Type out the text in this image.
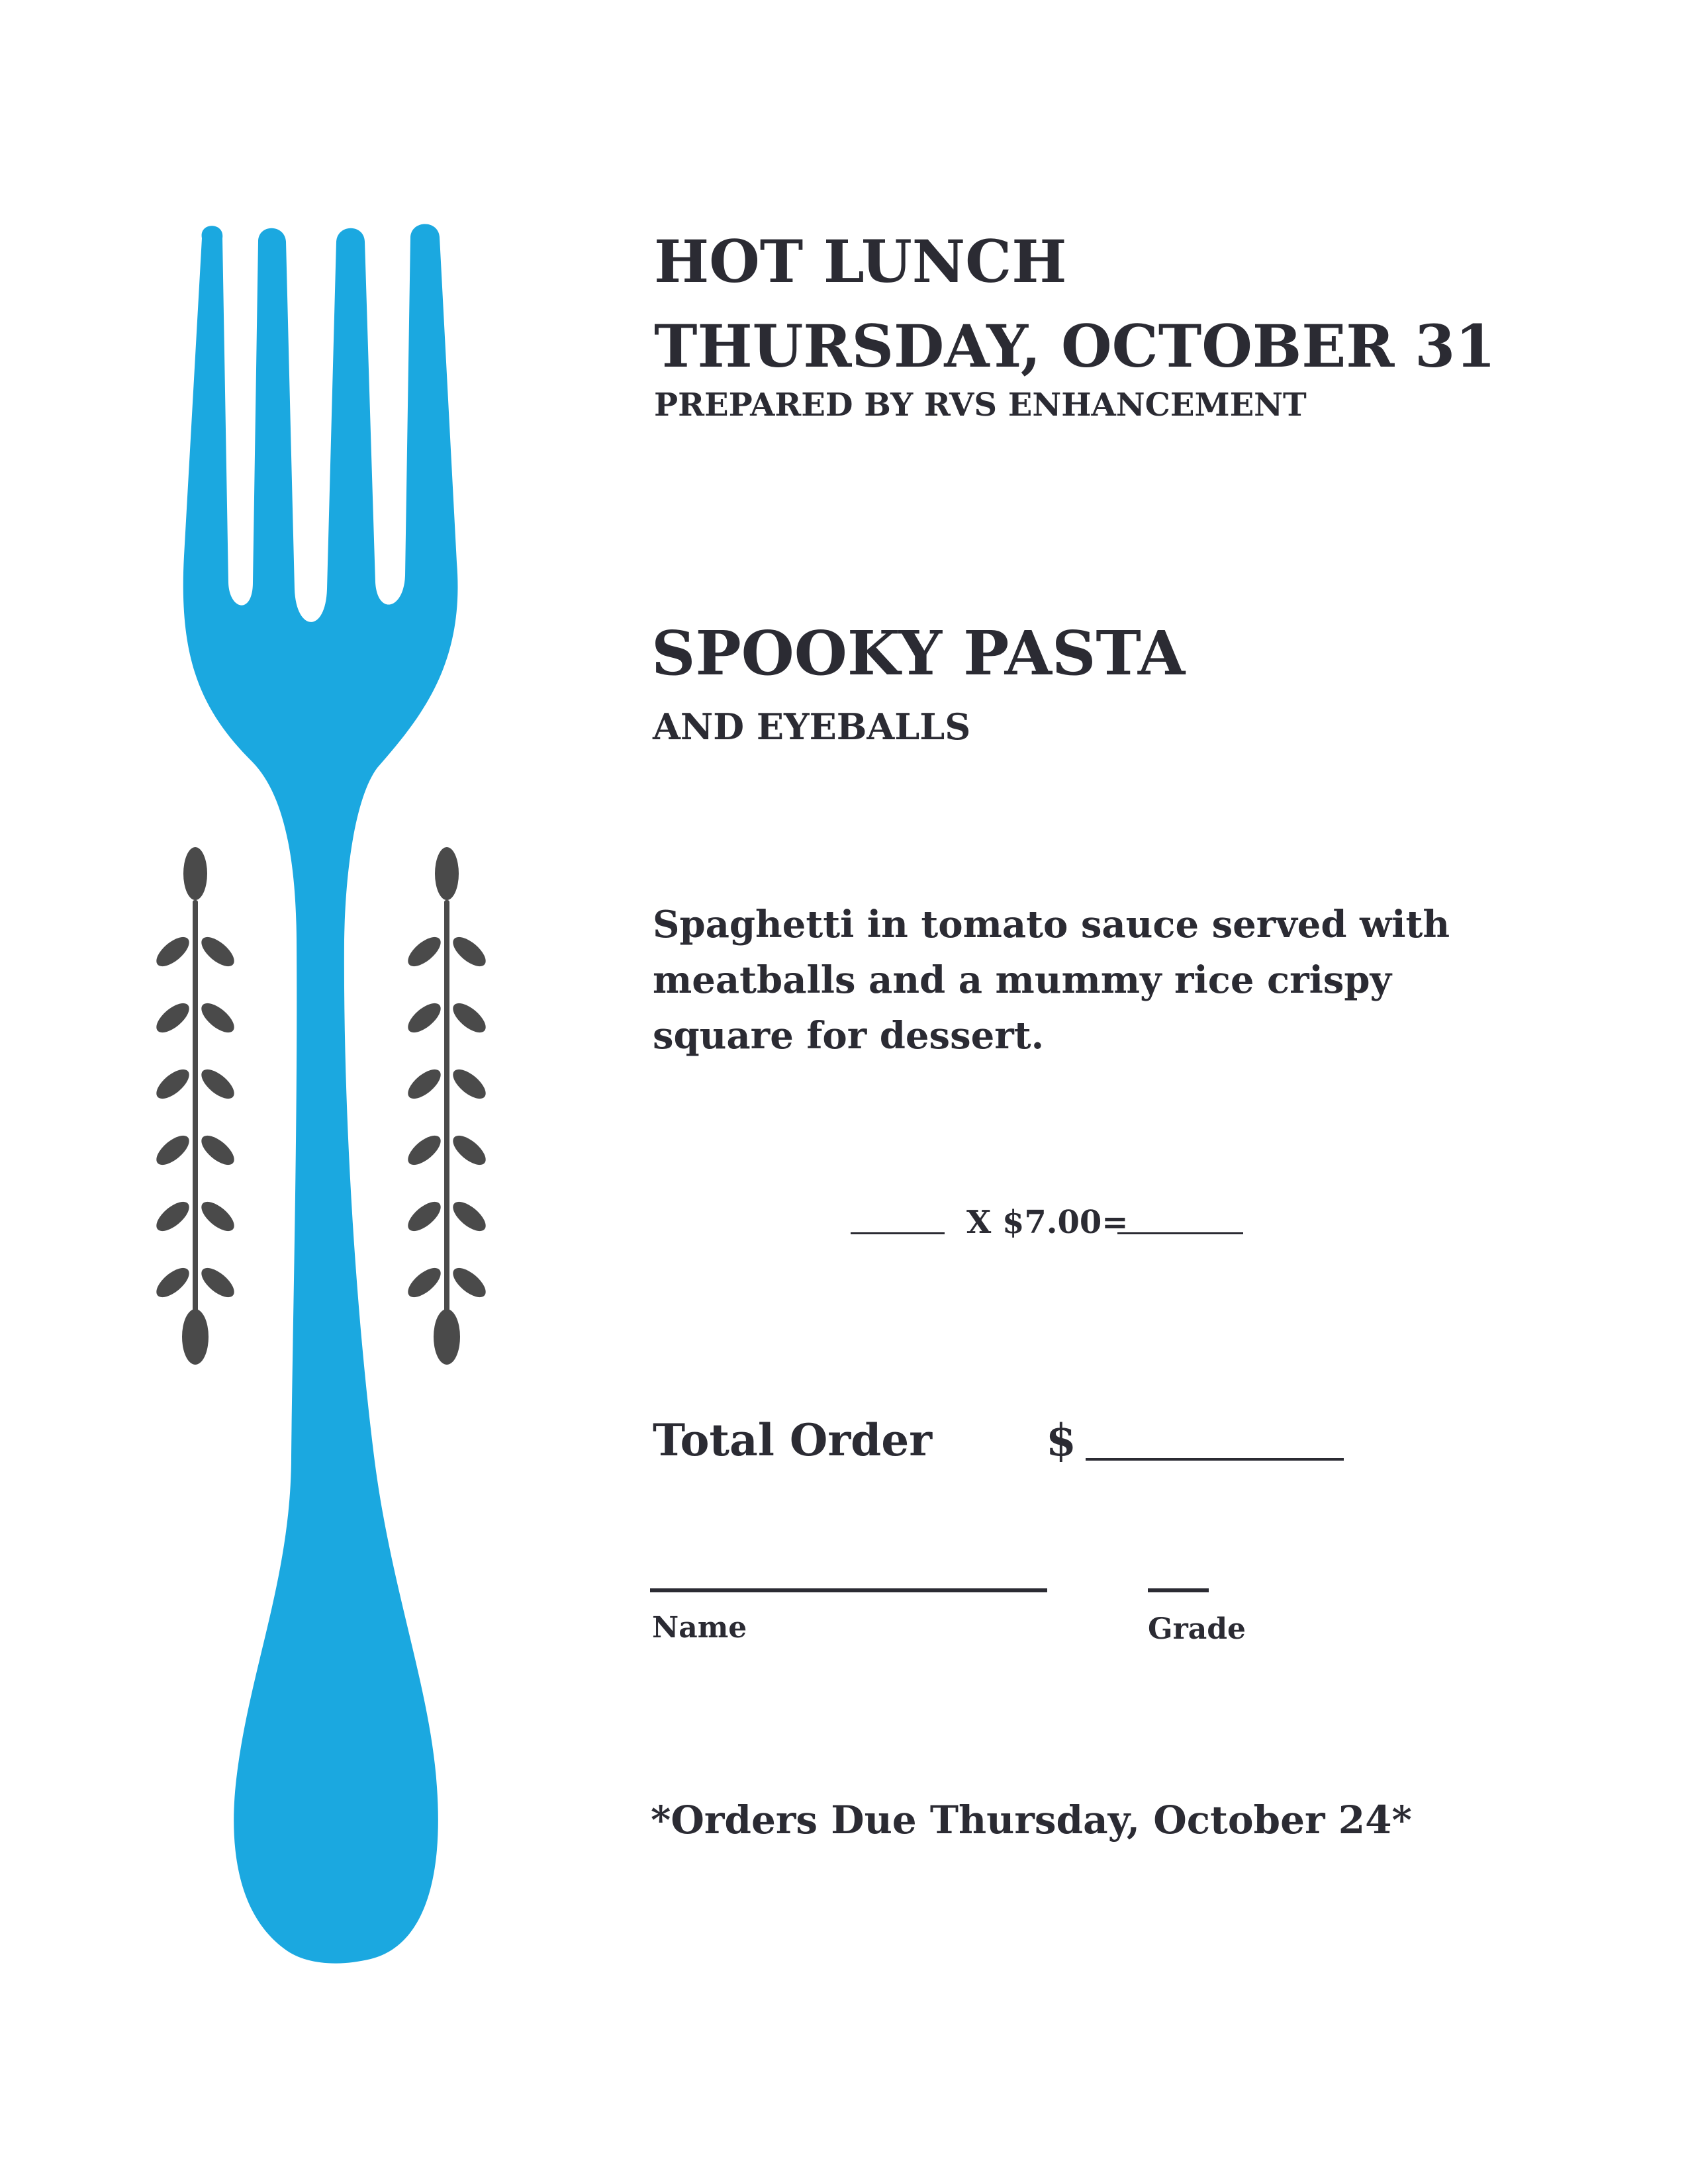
HOT LUNCH
THURSDAY, OCTOBER 31
PREPARED BY RVS ENHANCEMENT
SPOOKY PASTA
AND EYEBALLS
Spaghetti in tomato sauce served with
meatballs and a mummy rice crispy
square for dessert.
X $7.00=
Total Order	$
Name	Grade
*Orders Due Thursday, October 24*
